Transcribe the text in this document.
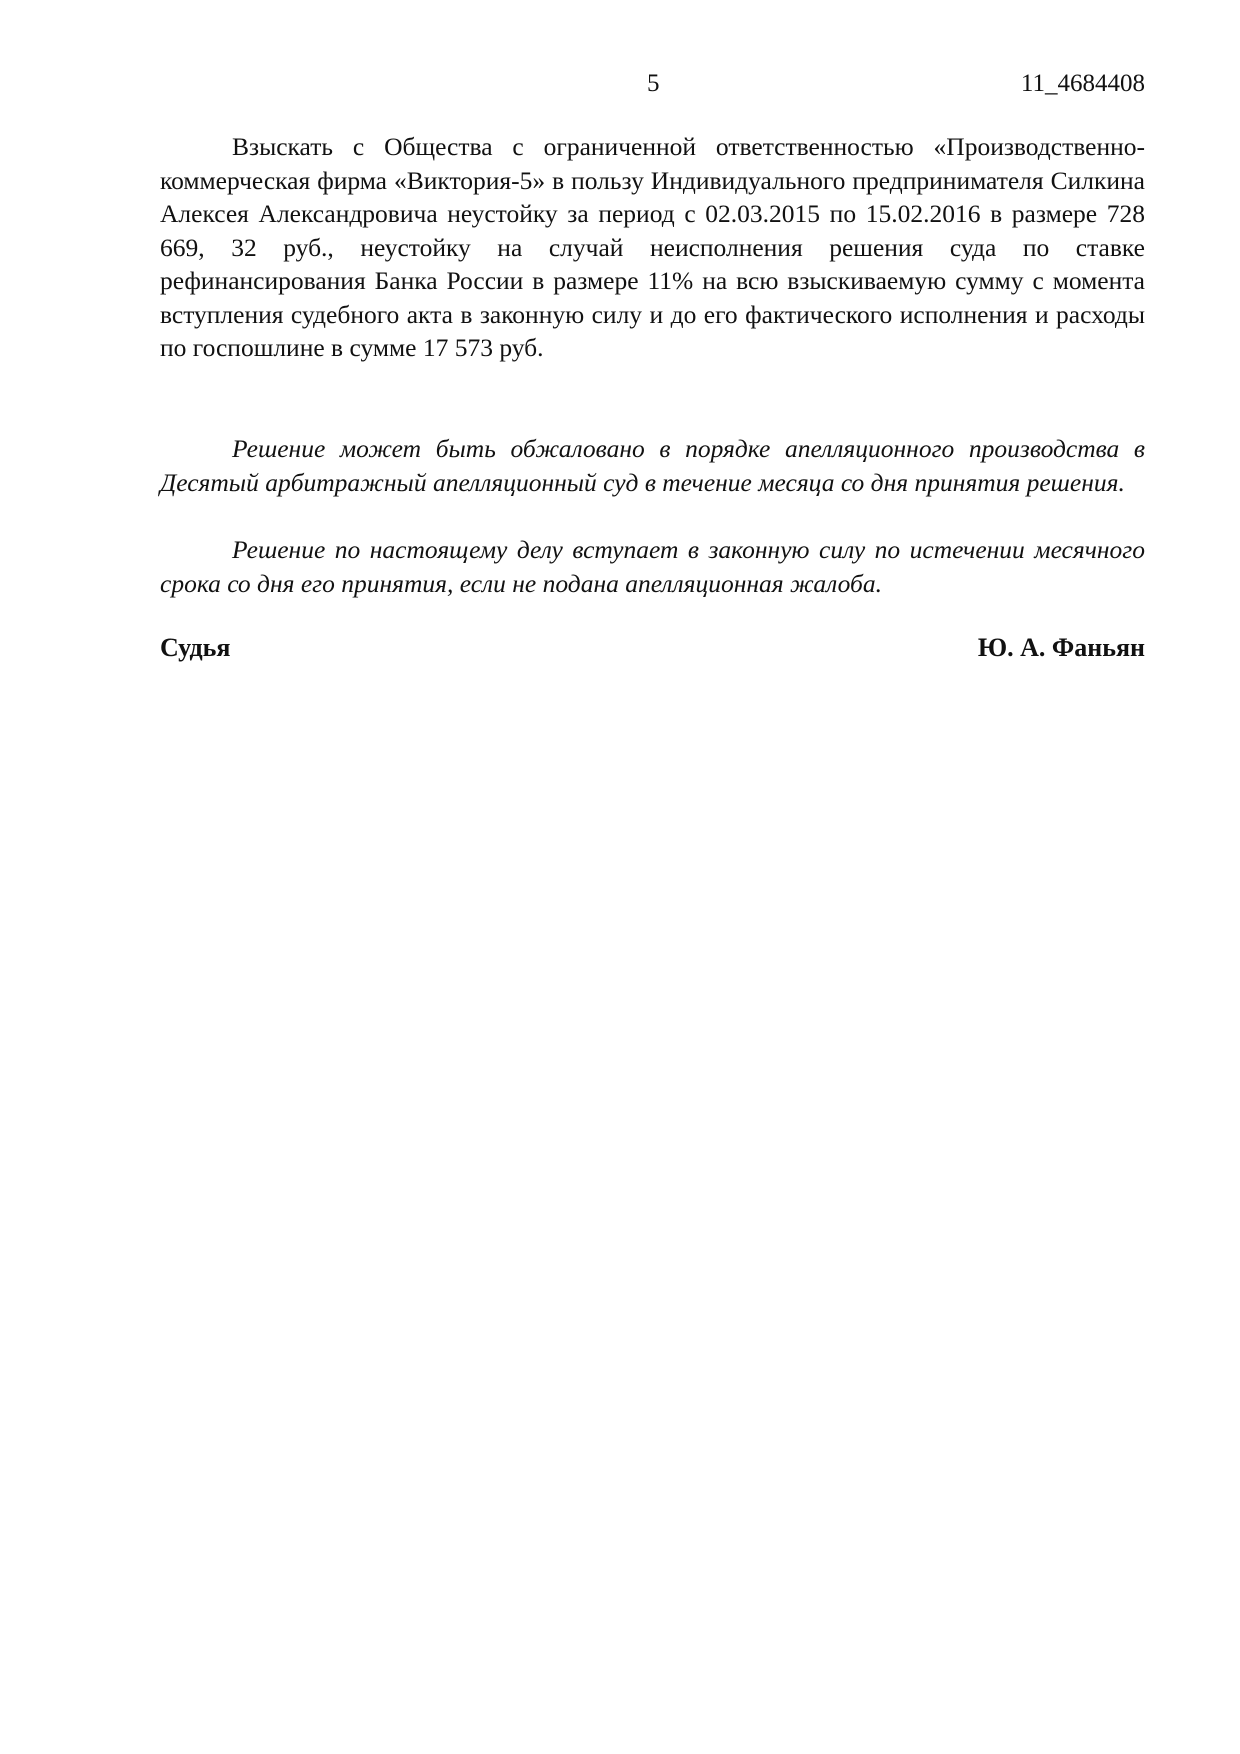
5	11_4684408

Взыскать с Общества с ограниченной ответственностью «Производственно-коммерческая фирма «Виктория-5» в пользу Индивидуального предпринимателя Силкина Алексея Александровича неустойку за период с 02.03.2015 по 15.02.2016 в размере 728 669, 32 руб., неустойку на случай неисполнения решения суда по ставке рефинансирования Банка России в размере 11% на всю взыскиваемую сумму с момента вступления судебного акта в законную силу и до его фактического исполнения и расходы по госпошлине в сумме 17 573 руб.

Решение может быть обжаловано в порядке апелляционного производства в Десятый арбитражный апелляционный суд в течение месяца со дня принятия решения.

Решение по настоящему делу вступает в законную силу по истечении месячного срока со дня его принятия, если не подана апелляционная жалоба.

Судья	Ю. А. Фаньян
